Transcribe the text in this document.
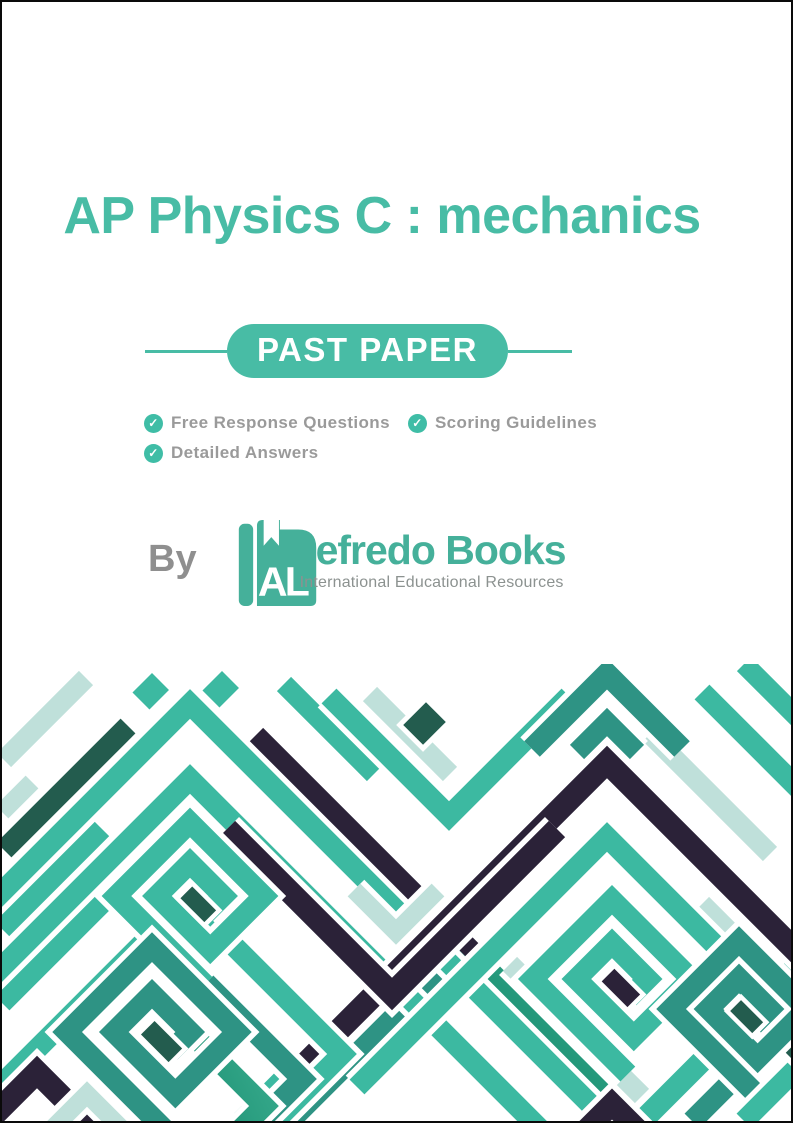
AP Physics C : mechanics
PAST PAPER
✓
Free Response Questions ✓	Scoring Guidelines
✓
Detailed Answers
By AL
efredo Books
International Educational Resources
